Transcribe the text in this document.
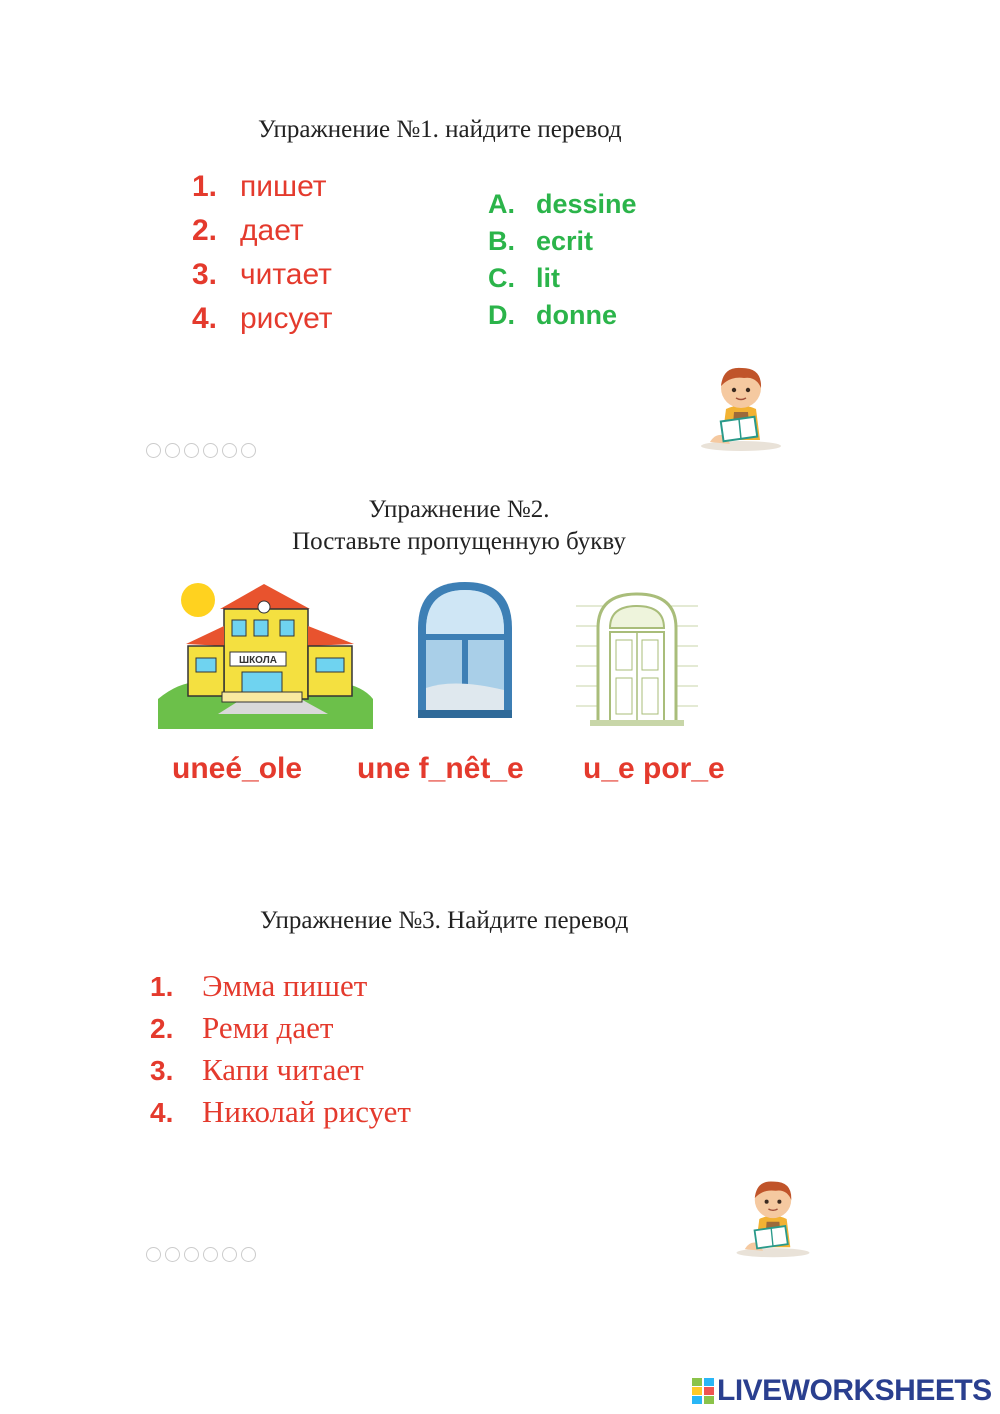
Упражнение №1. найдите перевод
1. пишет
2. дает
3. читает
4. рисует
A. dessine
B. ecrit
C. lit
D. donne
Упражнение №2.
Поставьте пропущенную букву
ШКОЛА
uneé_ole une f_nêt_e u_e por_e
Упражнение №3. Найдите перевод
1. Эмма пишет
2. Реми дает
3. Капи читает
4. Николай рисует
LIVEWORKSHEETS
